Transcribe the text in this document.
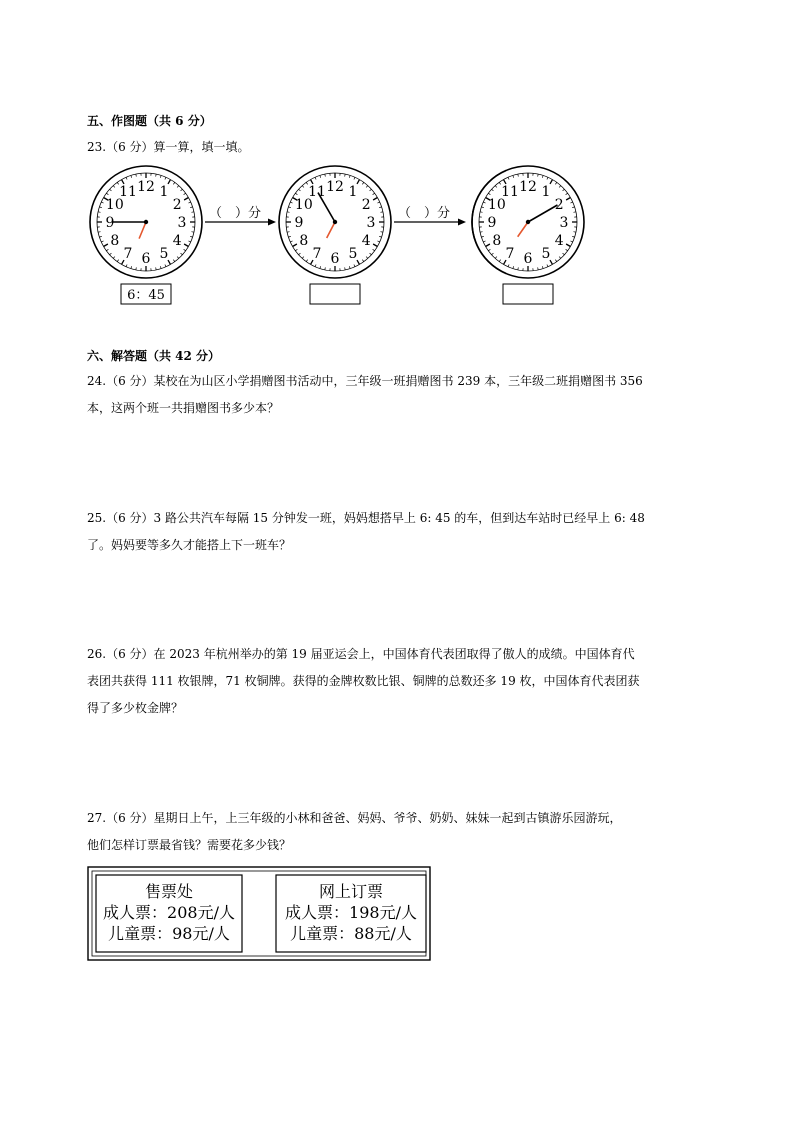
五、作图题（共 6 分）
23.（6 分）算一算，填一填。
12 1
2
3
4
5
6
7
8
9
10
11
（　）分
12 1
2
3
4
5
6
7
8
9
10
11
（　）分
6：45
12 1
2
3
4
5
6
7
8
9
10
11
六、解答题（共 42 分）
24.（6 分）某校在为山区小学捐赠图书活动中，三年级一班捐赠图书 239 本，三年级二班捐赠图书 356
本，这两个班一共捐赠图书多少本？
25.（6 分）3 路公共汽车每隔 15 分钟发一班，妈妈想搭早上 6: 45 的车，但到达车站时已经早上 6: 48
了。妈妈要等多久才能搭上下一班车？
26.（6 分）在 2023 年杭州举办的第 19 届亚运会上，中国体育代表团取得了傲人的成绩。中国体育代
表团共获得 111 枚银牌，71 枚铜牌。获得的金牌枚数比银、铜牌的总数还多 19 枚，中国体育代表团获
得了多少枚金牌？
27.（6 分）星期日上午，上三年级的小林和爸爸、妈妈、爷爷、奶奶、妹妹一起到古镇游乐园游玩，
他们怎样订票最省钱？需要花多少钱？
售票处
成人票：208元/人
儿童票：98元/人
网上订票
成人票：198元/人
儿童票：88元/人
